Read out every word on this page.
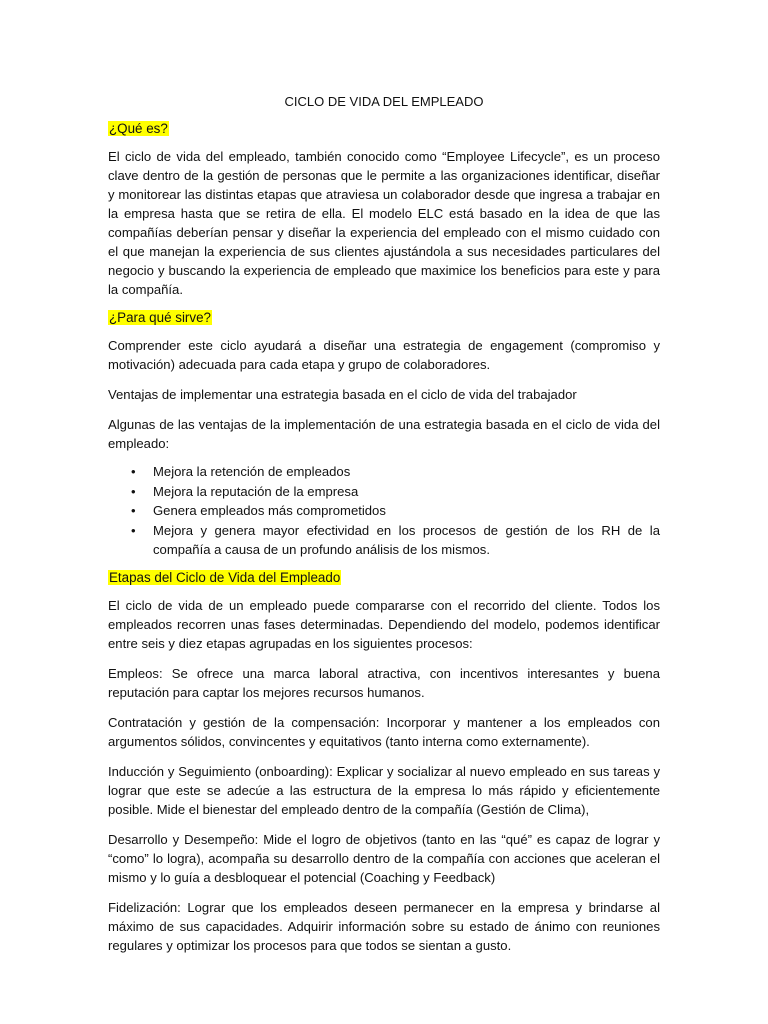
CICLO DE VIDA DEL EMPLEADO
¿Qué es?

El ciclo de vida del empleado, también conocido como “Employee Lifecycle”, es un proceso clave dentro de la gestión de personas que le permite a las organizaciones identificar, diseñar y monitorear las distintas etapas que atraviesa un colaborador desde que ingresa a trabajar en la empresa hasta que se retira de ella. El modelo ELC está basado en la idea de que las compañías deberían pensar y diseñar la experiencia del empleado con el mismo cuidado con el que manejan la experiencia de sus clientes ajustándola a sus necesidades particulares del negocio y buscando la experiencia de empleado que maximice los beneficios para este y para la compañía.

¿Para qué sirve?

Comprender este ciclo ayudará a diseñar una estrategia de engagement (compromiso y motivación) adecuada para cada etapa y grupo de colaboradores.

Ventajas de implementar una estrategia basada en el ciclo de vida del trabajador

Algunas de las ventajas de la implementación de una estrategia basada en el ciclo de vida del empleado:

• Mejora la retención de empleados
• Mejora la reputación de la empresa
• Genera empleados más comprometidos
• Mejora y genera mayor efectividad en los procesos de gestión de los RH de la compañía a causa de un profundo análisis de los mismos.
Etapas del Ciclo de Vida del Empleado

El ciclo de vida de un empleado puede compararse con el recorrido del cliente. Todos los empleados recorren unas fases determinadas. Dependiendo del modelo, podemos identificar entre seis y diez etapas agrupadas en los siguientes procesos:

Empleos: Se ofrece una marca laboral atractiva, con incentivos interesantes y buena reputación para captar los mejores recursos humanos.

Contratación y gestión de la compensación: Incorporar y mantener a los empleados con argumentos sólidos, convincentes y equitativos (tanto interna como externamente).

Inducción y Seguimiento (onboarding): Explicar y socializar al nuevo empleado en sus tareas y lograr que este se adecúe a las estructura de la empresa lo más rápido y eficientemente posible. Mide el bienestar del empleado dentro de la compañía (Gestión de Clima),

Desarrollo y Desempeño: Mide el logro de objetivos (tanto en las “qué” es capaz de lograr y “como” lo logra), acompaña su desarrollo dentro de la compañía con acciones que aceleran el mismo y lo guía a desbloquear el potencial (Coaching y Feedback)

Fidelización: Lograr que los empleados deseen permanecer en la empresa y brindarse al máximo de sus capacidades. Adquirir información sobre su estado de ánimo con reuniones regulares y optimizar los procesos para que todos se sientan a gusto.
